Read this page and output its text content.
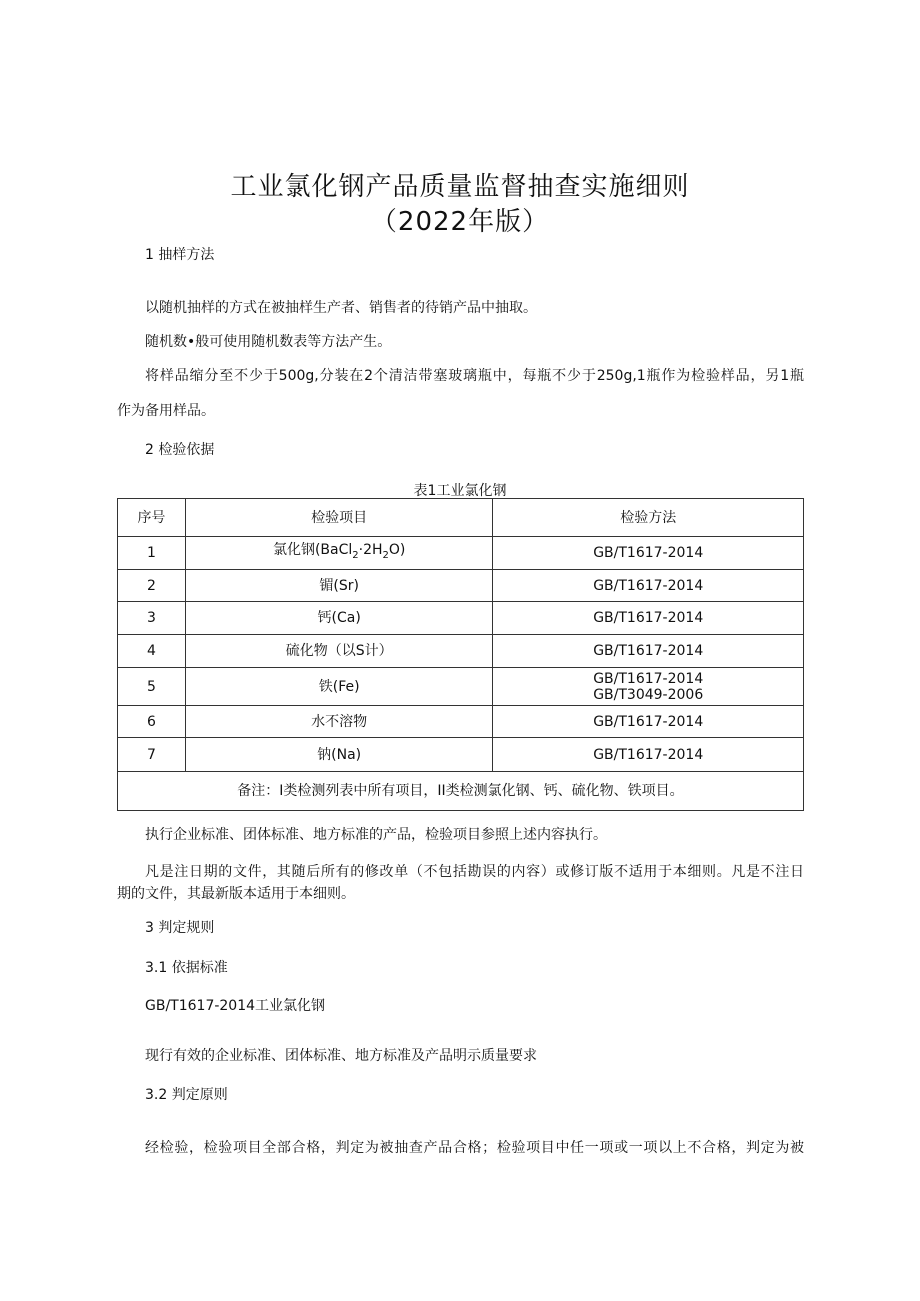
工业氯化钢产品质量监督抽查实施细则
（2022年版）
1 抽样方法
以随机抽样的方式在被抽样生产者、销售者的待销产品中抽取。
随机数•般可使用随机数表等方法产生。
将样品缩分至不少于500g,分装在2个清洁带塞玻璃瓶中，每瓶不少于250g,1瓶作为检验样品，另1瓶
作为备用样品。
2 检验依据
表1工业氯化钢
序号	检验项目	检验方法
1	氯化钢$(BaCl_2\cdot 2H_2O)$	GB/T1617-2014
2	镅(Sr)	GB/T1617-2014
3	钙(Ca)	GB/T1617-2014
4	硫化物（以S计）	GB/T1617-2014
5	铁(Fe)	GB/T1617-2014
GB/T3049-2006

6	水不溶物	GB/T1617-2014
7	钠(Na)	GB/T1617-2014
备注：I类检测列表中所有项目，II类检测氯化钢、钙、硫化物、铁项目。		
执行企业标准、团体标准、地方标准的产品，检验项目参照上述内容执行。
凡是注日期的文件，其随后所有的修改单（不包括勘误的内容）或修订版不适用于本细则。凡是不注日
期的文件，其最新版本适用于本细则。
3 判定规则
3.1 依据标准
GB/T1617-2014工业氯化钢
现行有效的企业标准、团体标准、地方标准及产品明示质量要求
3.2 判定原则
经检验，检验项目全部合格，判定为被抽查产品合格；检验项目中任一项或一项以上不合格，判定为被
